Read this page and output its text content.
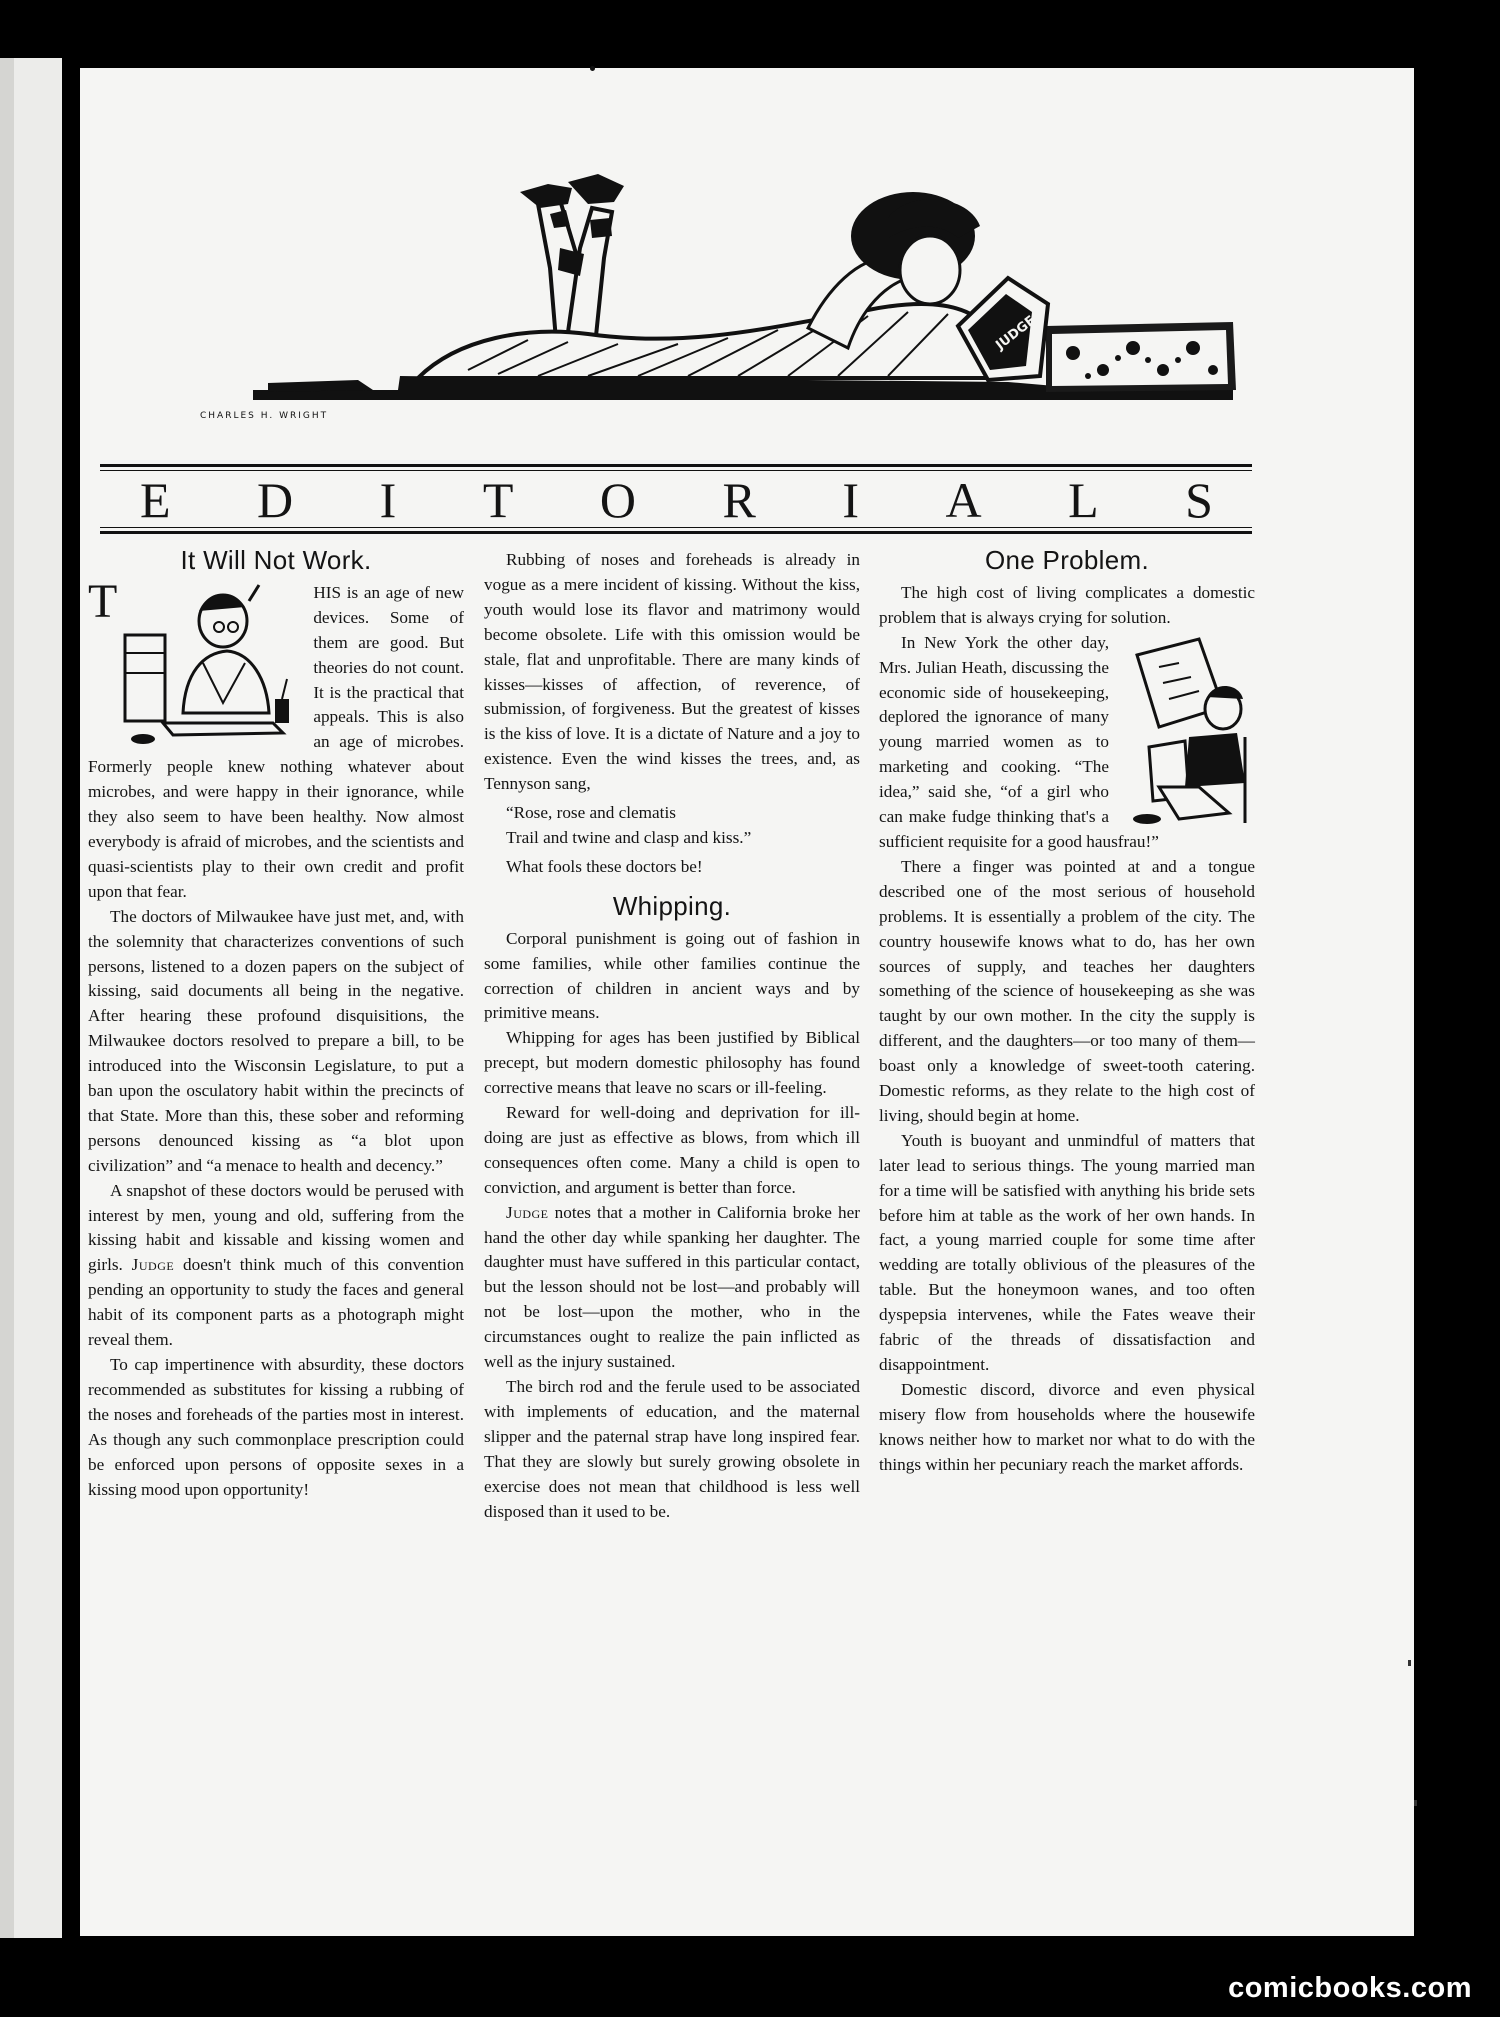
JUDGE
CHARLES H. WRIGHT
E D I T O R I A L S
It Will Not Work.

T	HIS is an age of new devices. Some of them are good. But theories do not count. It is the practical that appeals. This is also an age of microbes. Formerly people knew nothing whatever about microbes, and were happy in their ignorance, while they also seem to have been healthy. Now almost everybody is afraid of microbes, and the scientists and quasi-scientists play to their own credit and profit upon that fear.

The doctors of Milwaukee have just met, and, with the solemnity that characterizes conventions of such persons, listened to a dozen papers on the subject of kissing, said documents all being in the negative. After hearing these profound disquisitions, the Milwaukee doctors resolved to prepare a bill, to be introduced into the Wisconsin Legislature, to put a ban upon the osculatory habit within the precincts of that State. More than this, these sober and reforming persons denounced kissing as “a blot upon civilization” and “a menace to health and decency.”

A snapshot of these doctors would be perused with interest by men, young and old, suffering from the kissing habit and kissable and kissing women and girls. Judge doesn't think much of this convention pending an opportunity to study the faces and general habit of its component parts as a photograph might reveal them.

To cap impertinence with absurdity, these doctors recommended as substitutes for kissing a rubbing of the noses and foreheads of the parties most in interest. As though any such commonplace prescription could be enforced upon persons of opposite sexes in a kissing mood upon opportunity!

Rubbing of noses and foreheads is already in vogue as a mere incident of kissing. Without the kiss, youth would lose its flavor and matrimony would become obsolete. Life with this omission would be stale, flat and unprofitable. There are many kinds of kisses—kisses of affection, of reverence, of submission, of forgiveness. But the greatest of kisses is the kiss of love. It is a dictate of Nature and a joy to existence. Even the wind kisses the trees, and, as Tennyson sang,

“Rose, rose and clematis
Trail and twine and clasp and kiss.”

What fools these doctors be!

Whipping.

Corporal punishment is going out of fashion in some families, while other families continue the correction of children in ancient ways and by primitive means.

Whipping for ages has been justified by Biblical precept, but modern domestic philosophy has found corrective means that leave no scars or ill-feeling.

Reward for well-doing and deprivation for ill-doing are just as effective as blows, from which ill consequences often come. Many a child is open to conviction, and argument is better than force.

Judge notes that a mother in California broke her hand the other day while spanking her daughter. The daughter must have suffered in this particular contact, but the lesson should not be lost—and probably will not be lost—upon the mother, who in the circumstances ought to realize the pain inflicted as well as the injury sustained.

The birch rod and the ferule used to be associated with implements of education, and the maternal slipper and the paternal strap have long inspired fear. That they are slowly but surely growing obsolete in exercise does not mean that childhood is less well disposed than it used to be.

One Problem.

The high cost of living complicates a domestic problem that is always crying for solution.

In New York the other day, Mrs. Julian Heath, discussing the economic side of housekeeping, deplored the ignorance of many young married women as to marketing and cooking. “The idea,” said she, “of a girl who can make fudge thinking that's a sufficient requisite for a good hausfrau!”

There a finger was pointed at and a tongue described one of the most serious of household problems. It is essentially a problem of the city. The country housewife knows what to do, has her own sources of supply, and teaches her daughters something of the science of housekeeping as she was taught by our own mother. In the city the supply is different, and the daughters—or too many of them—boast only a knowledge of sweet-tooth catering. Domestic reforms, as they relate to the high cost of living, should begin at home.

Youth is buoyant and unmindful of matters that later lead to serious things. The young married man for a time will be satisfied with anything his bride sets before him at table as the work of her own hands. In fact, a young married couple for some time after wedding are totally oblivious of the pleasures of the table. But the honeymoon wanes, and too often dyspepsia intervenes, while the Fates weave their fabric of the threads of dissatisfaction and disappointment.

Domestic discord, divorce and even physical misery flow from households where the housewife knows neither how to market nor what to do with the things within her pecuniary reach the market affords.

comicbooks.com
